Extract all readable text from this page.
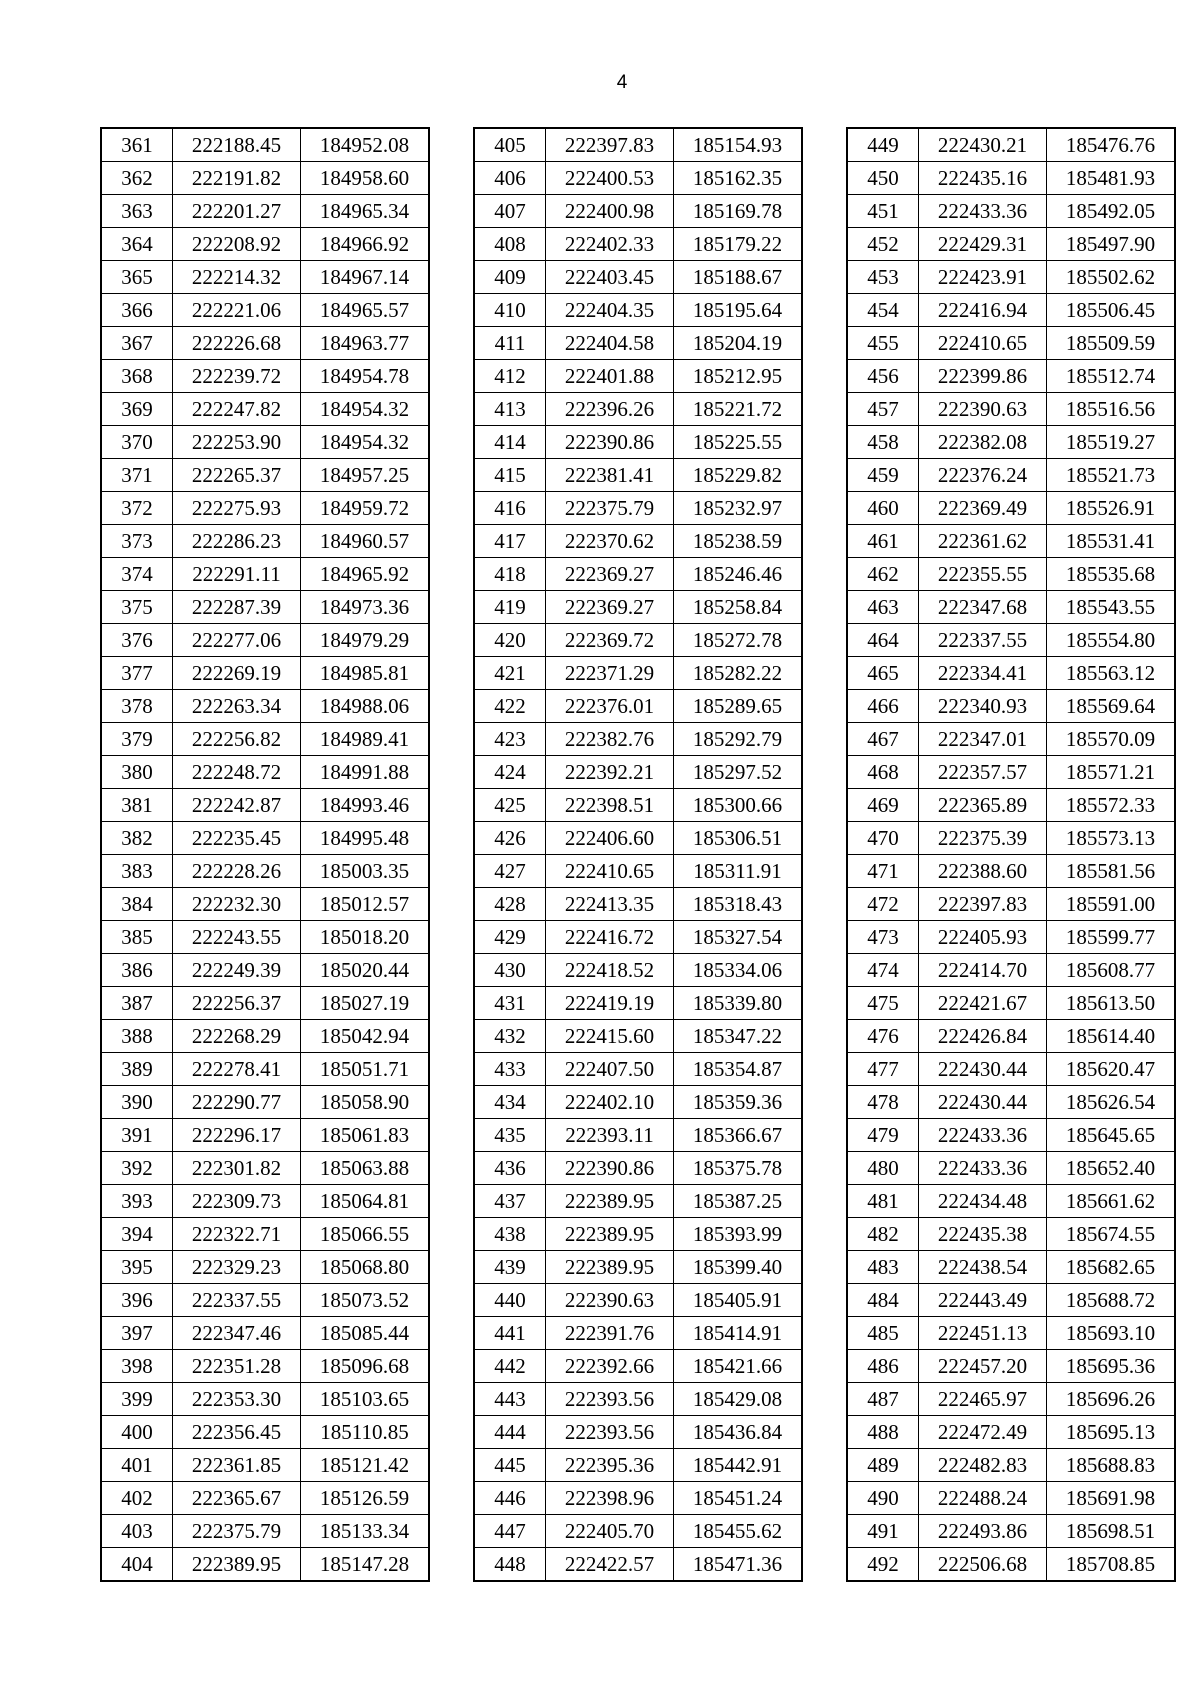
4
361	222188.45	184952.08
362	222191.82	184958.60
363	222201.27	184965.34
364	222208.92	184966.92
365	222214.32	184967.14
366	222221.06	184965.57
367	222226.68	184963.77
368	222239.72	184954.78
369	222247.82	184954.32
370	222253.90	184954.32
371	222265.37	184957.25
372	222275.93	184959.72
373	222286.23	184960.57
374	222291.11	184965.92
375	222287.39	184973.36
376	222277.06	184979.29
377	222269.19	184985.81
378	222263.34	184988.06
379	222256.82	184989.41
380	222248.72	184991.88
381	222242.87	184993.46
382	222235.45	184995.48
383	222228.26	185003.35
384	222232.30	185012.57
385	222243.55	185018.20
386	222249.39	185020.44
387	222256.37	185027.19
388	222268.29	185042.94
389	222278.41	185051.71
390	222290.77	185058.90
391	222296.17	185061.83
392	222301.82	185063.88
393	222309.73	185064.81
394	222322.71	185066.55
395	222329.23	185068.80
396	222337.55	185073.52
397	222347.46	185085.44
398	222351.28	185096.68
399	222353.30	185103.65
400	222356.45	185110.85
401	222361.85	185121.42
402	222365.67	185126.59
403	222375.79	185133.34
404	222389.95	185147.28
405	222397.83	185154.93
406	222400.53	185162.35
407	222400.98	185169.78
408	222402.33	185179.22
409	222403.45	185188.67
410	222404.35	185195.64
411	222404.58	185204.19
412	222401.88	185212.95
413	222396.26	185221.72
414	222390.86	185225.55
415	222381.41	185229.82
416	222375.79	185232.97
417	222370.62	185238.59
418	222369.27	185246.46
419	222369.27	185258.84
420	222369.72	185272.78
421	222371.29	185282.22
422	222376.01	185289.65
423	222382.76	185292.79
424	222392.21	185297.52
425	222398.51	185300.66
426	222406.60	185306.51
427	222410.65	185311.91
428	222413.35	185318.43
429	222416.72	185327.54
430	222418.52	185334.06
431	222419.19	185339.80
432	222415.60	185347.22
433	222407.50	185354.87
434	222402.10	185359.36
435	222393.11	185366.67
436	222390.86	185375.78
437	222389.95	185387.25
438	222389.95	185393.99
439	222389.95	185399.40
440	222390.63	185405.91
441	222391.76	185414.91
442	222392.66	185421.66
443	222393.56	185429.08
444	222393.56	185436.84
445	222395.36	185442.91
446	222398.96	185451.24
447	222405.70	185455.62
448	222422.57	185471.36
449	222430.21	185476.76
450	222435.16	185481.93
451	222433.36	185492.05
452	222429.31	185497.90
453	222423.91	185502.62
454	222416.94	185506.45
455	222410.65	185509.59
456	222399.86	185512.74
457	222390.63	185516.56
458	222382.08	185519.27
459	222376.24	185521.73
460	222369.49	185526.91
461	222361.62	185531.41
462	222355.55	185535.68
463	222347.68	185543.55
464	222337.55	185554.80
465	222334.41	185563.12
466	222340.93	185569.64
467	222347.01	185570.09
468	222357.57	185571.21
469	222365.89	185572.33
470	222375.39	185573.13
471	222388.60	185581.56
472	222397.83	185591.00
473	222405.93	185599.77
474	222414.70	185608.77
475	222421.67	185613.50
476	222426.84	185614.40
477	222430.44	185620.47
478	222430.44	185626.54
479	222433.36	185645.65
480	222433.36	185652.40
481	222434.48	185661.62
482	222435.38	185674.55
483	222438.54	185682.65
484	222443.49	185688.72
485	222451.13	185693.10
486	222457.20	185695.36
487	222465.97	185696.26
488	222472.49	185695.13
489	222482.83	185688.83
490	222488.24	185691.98
491	222493.86	185698.51
492	222506.68	185708.85
